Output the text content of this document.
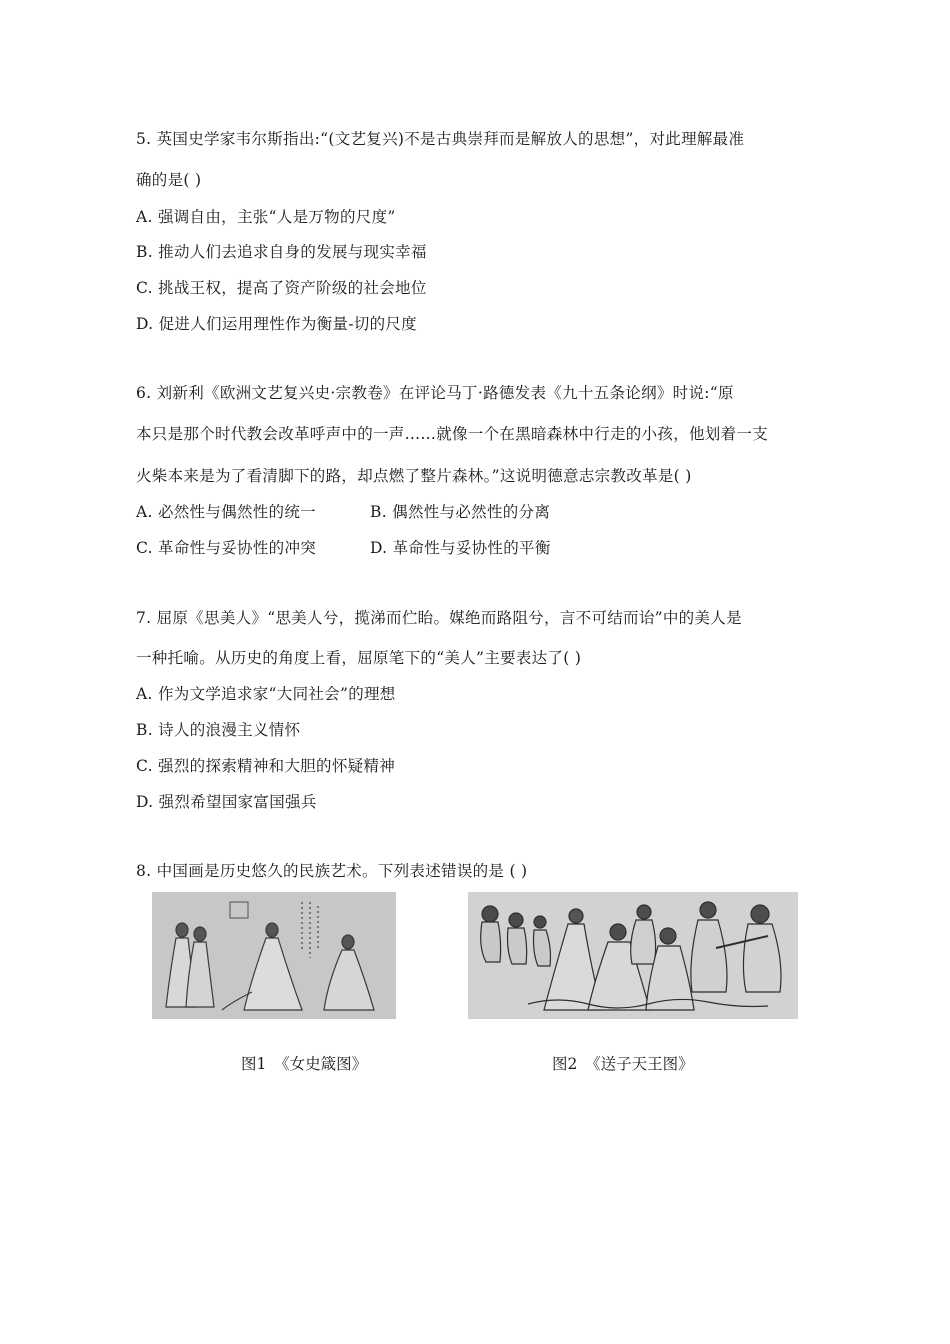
5. 英国史学家韦尔斯指出:“(文艺复兴)不是古典崇拜而是解放人的思想”，对此理解最准
确的是( )
A. 强调自由，主张“人是万物的尺度”
B. 推动人们去追求自身的发展与现实幸福
C. 挑战王权，提高了资产阶级的社会地位
D. 促进人们运用理性作为衡量-切的尺度
6. 刘新利《欧洲文艺复兴史·宗教卷》在评论马丁·路德发表《九十五条论纲》时说:“原
本只是那个时代教会改革呼声中的一声……就像一个在黑暗森林中行走的小孩，他划着一支
火柴本来是为了看清脚下的路，却点燃了整片森林。”这说明德意志宗教改革是( )
A. 必然性与偶然性的统一	B. 偶然性与必然性的分离
C. 革命性与妥协性的冲突	D. 革命性与妥协性的平衡
7. 屈原《思美人》“思美人兮，揽涕而伫眙。媒绝而路阻兮，言不可结而诒”中的美人是
一种托喻。从历史的角度上看，屈原笔下的“美人”主要表达了( )
A. 作为文学追求家“大同社会”的理想
B. 诗人的浪漫主义情怀
C. 强烈的探索精神和大胆的怀疑精神
D. 强烈希望国家富国强兵
8. 中国画是历史悠久的民族艺术。下列表述错误的是 ( )
图1　《女史箴图》	图2　《送子天王图》
